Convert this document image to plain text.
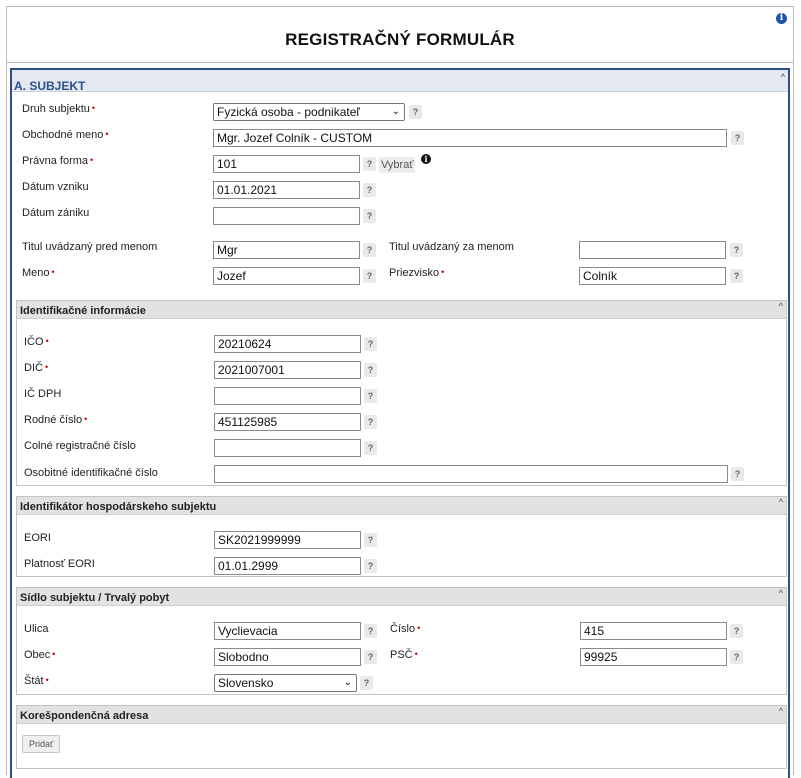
REGISTRAČNÝ FORMULÁR
i
A. SUBJEKT
^
Druh subjektu •	Fyzická osoba - podnikateľ	⌄	?
Obchodné meno •	Mgr. Jozef Colník - CUSTOM	?
Právna forma •	101	? Vybrať	i
Dátum vzniku	01.01.2021	?
Dátum zániku	?
Titul uvádzaný pred menom	Mgr	?	Titul uvádzaný za menom	?
Meno •	Jozef	?	Priezvisko •	Colník	?
Identifikačné informácie	^
IČO •	20210624	?
DIČ •	2021007001	?
IČ DPH	?
Rodné číslo •	451125985	?
Colné registračné číslo	?
Osobitné identifikačné číslo	?
Identifikátor hospodárskeho subjektu	^
EORI	SK2021999999	?
Platnosť EORI	01.01.2999	?
Sídlo subjektu / Trvalý pobyt	^
Ulica	Vyclievacia	?	Číslo •	415	?
Obec •	Slobodno	?	PSČ •	99925	?
Štát •	Slovensko	⌄	?
Korešpondenčná adresa	^
Pridať
